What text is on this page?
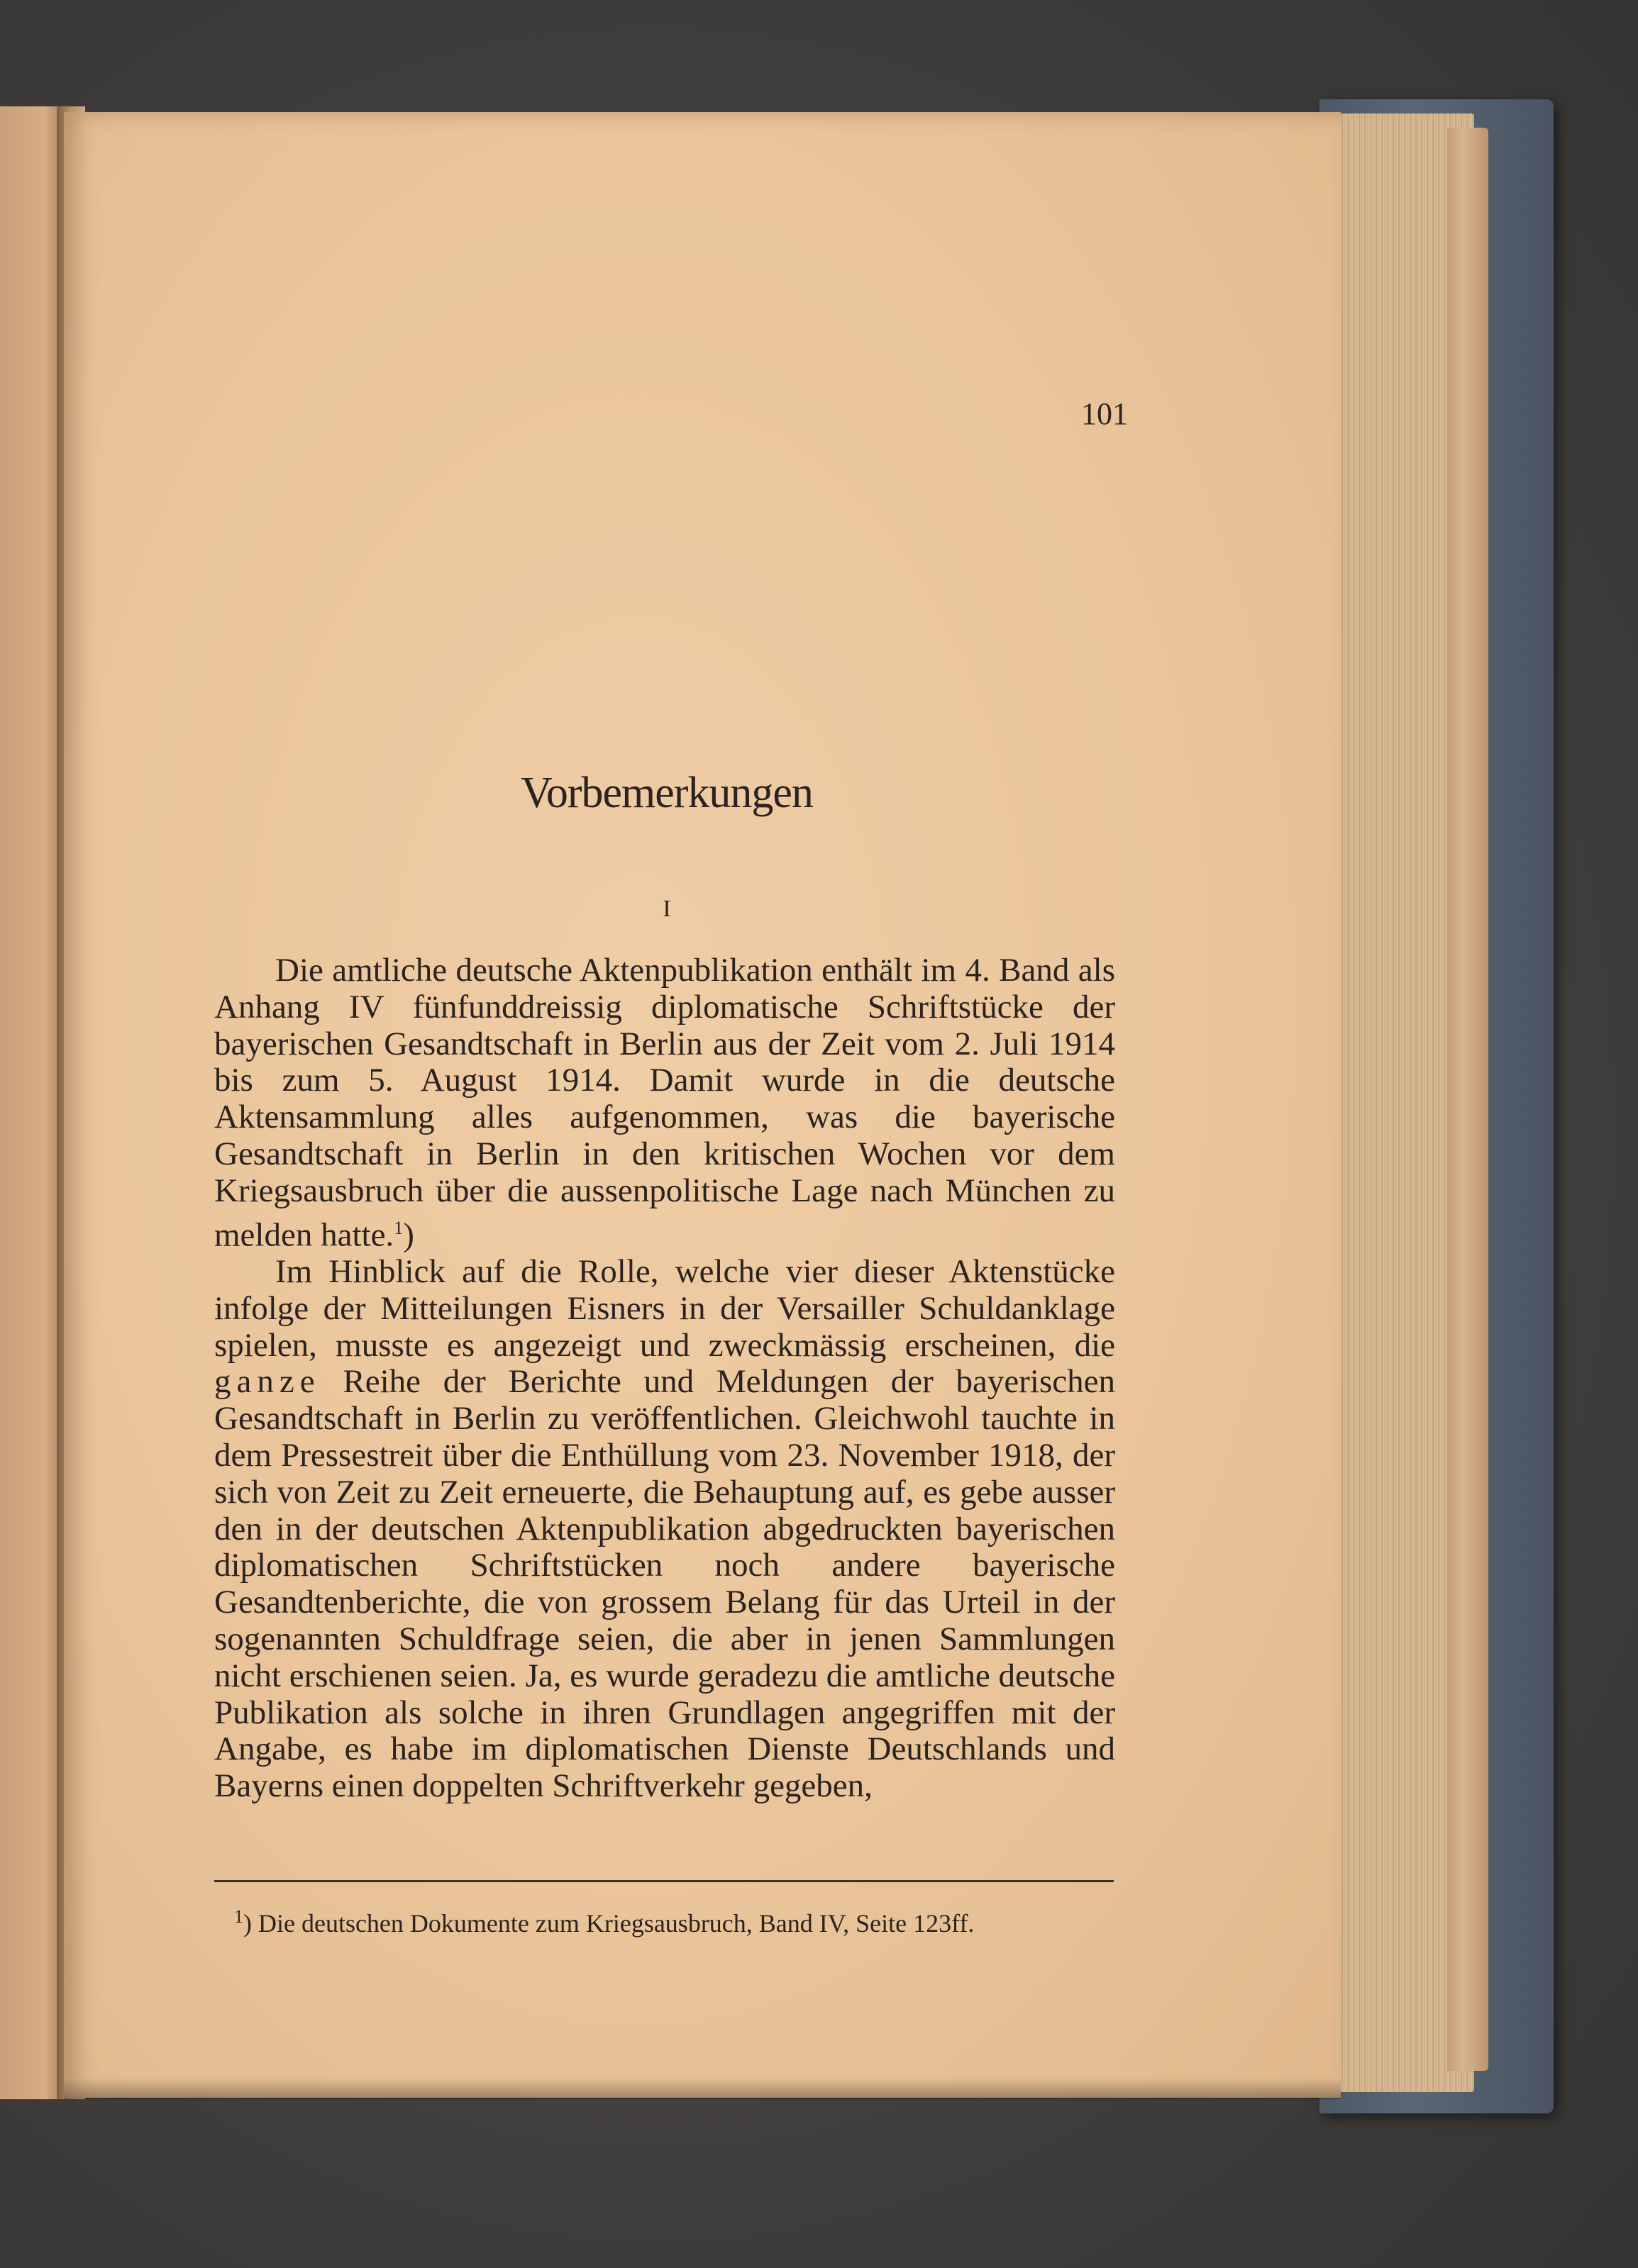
101
Vorbemerkungen
I

Die amtliche deutsche Aktenpublikation enthält im 4. Band als Anhang IV fünfunddreissig diplomatische Schriftstücke der bayerischen Gesandtschaft in Berlin aus der Zeit vom 2. Juli 1914 bis zum 5. August 1914. Damit wurde in die deutsche Aktensammlung alles aufgenommen, was die bayerische Gesandtschaft in Berlin in den kritischen Wochen vor dem Kriegsausbruch über die aussenpolitische Lage nach München zu melden hatte.$^1$)

Im Hinblick auf die Rolle, welche vier dieser Aktenstücke infolge der Mitteilungen Eisners in der Versailler Schuldanklage spielen, musste es angezeigt und zweckmässig erscheinen, die ganze Reihe der Berichte und Meldungen der bayerischen Gesandtschaft in Berlin zu veröffentlichen. Gleichwohl tauchte in dem Pressestreit über die Enthüllung vom 23. November 1918, der sich von Zeit zu Zeit erneuerte, die Behauptung auf, es gebe ausser den in der deutschen Aktenpublikation abgedruckten bayerischen diplomatischen Schriftstücken noch andere bayerische Gesandtenberichte, die von grossem Belang für das Urteil in der sogenannten Schuldfrage seien, die aber in jenen Sammlungen nicht erschienen seien. Ja, es wurde geradezu die amtliche deutsche Publikation als solche in ihren Grundlagen angegriffen mit der Angabe, es habe im diplomatischen Dienste Deutschlands und Bayerns einen doppelten Schriftverkehr gegeben,

$^1$) Die deutschen Dokumente zum Kriegsausbruch, Band IV, Seite 123ff.
